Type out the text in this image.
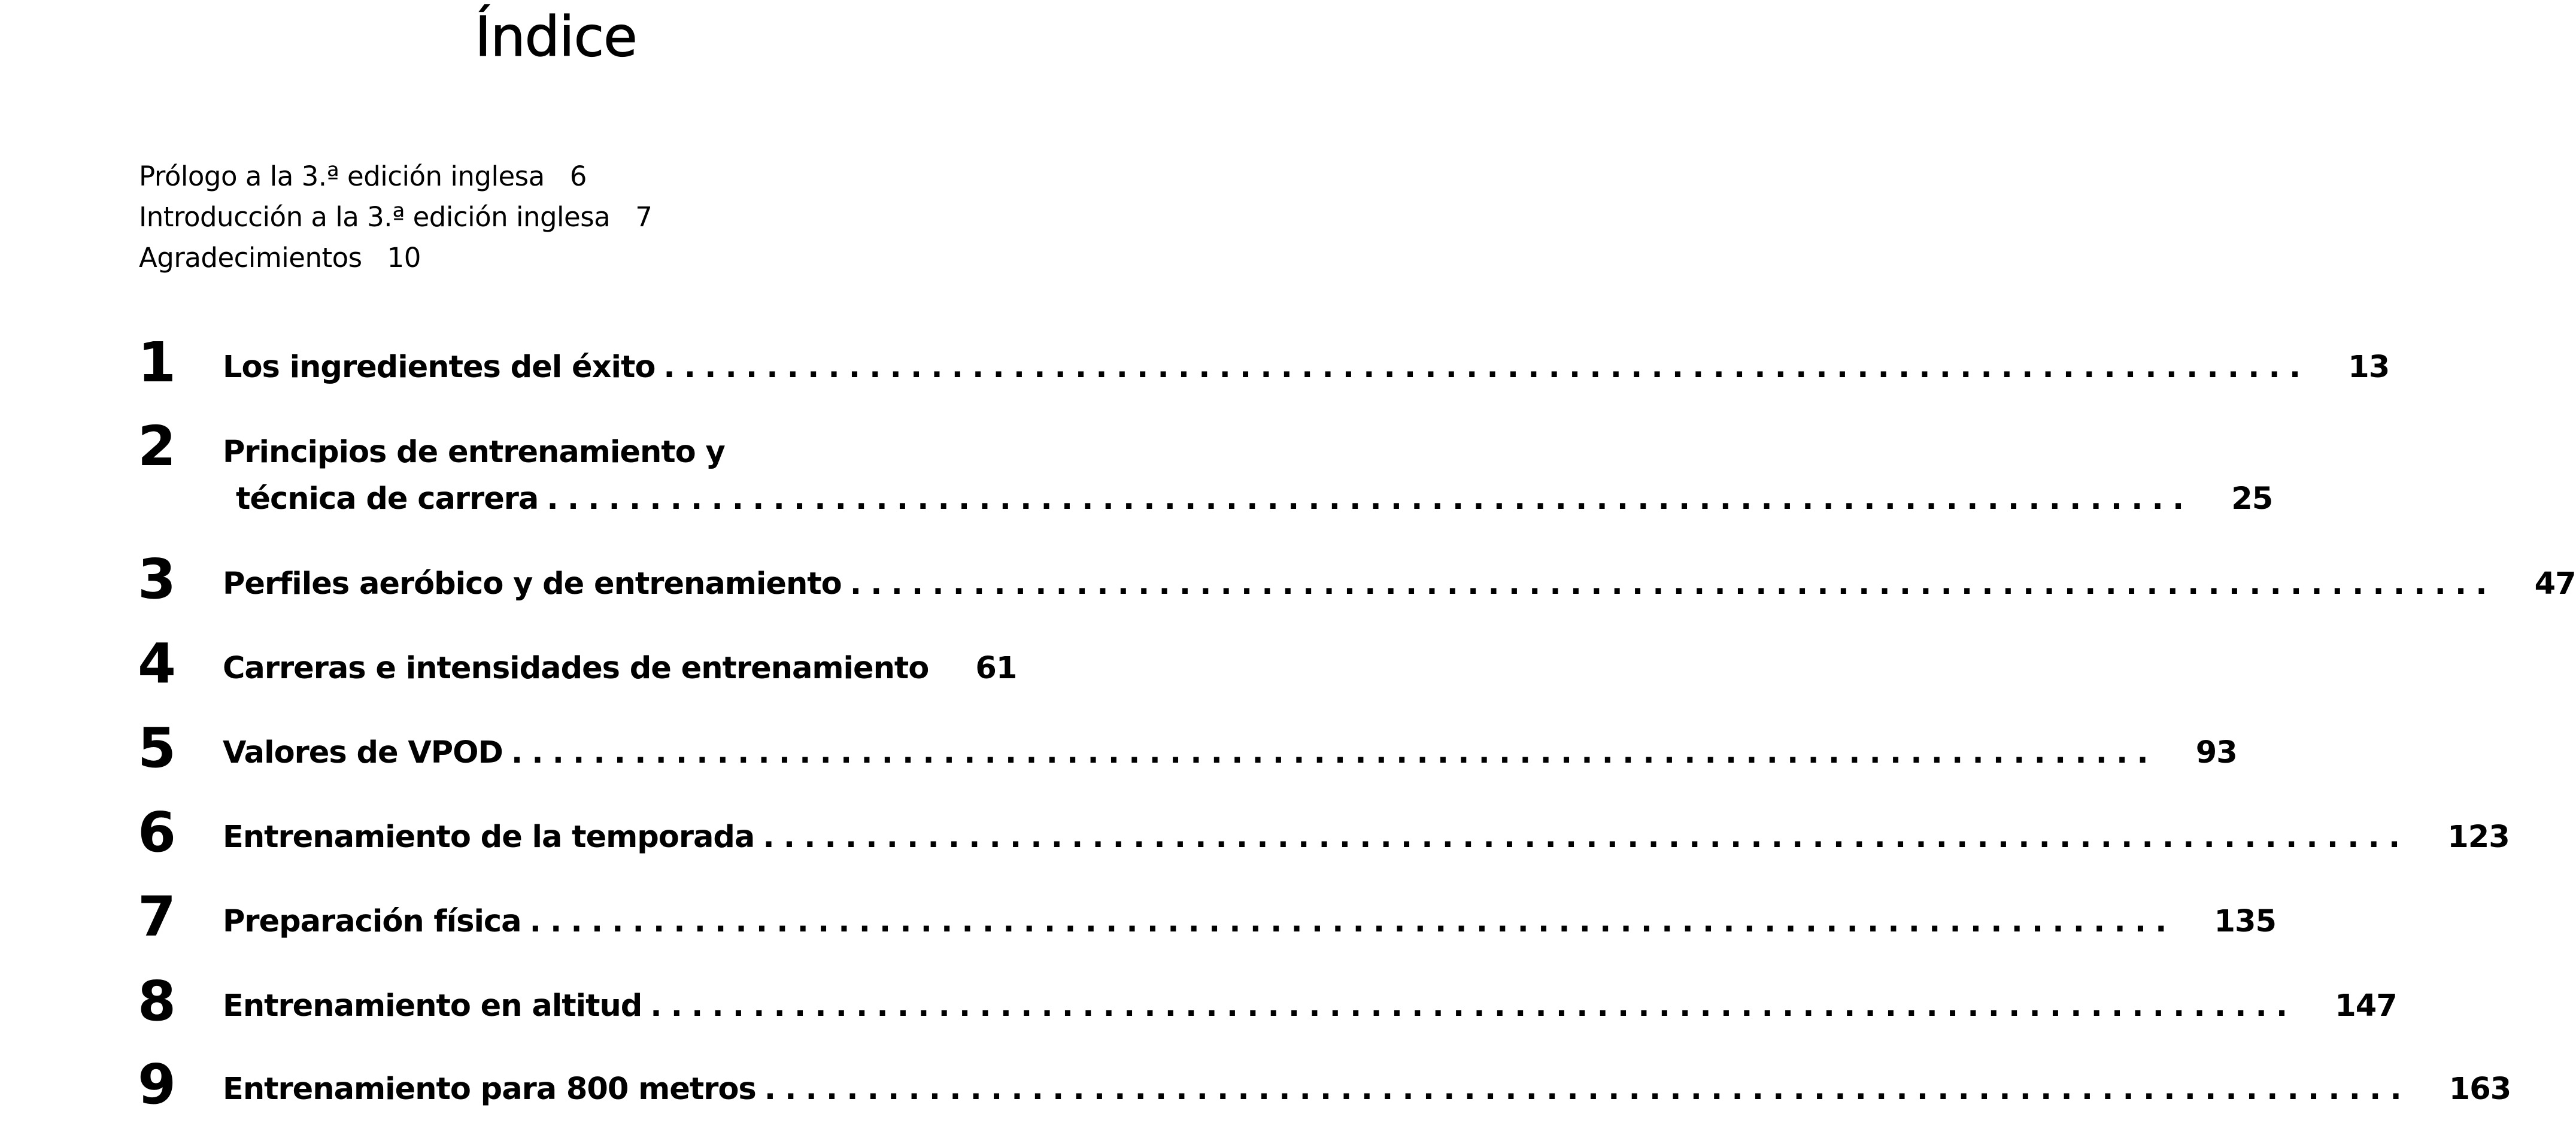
Índice
Prólogo a la 3.ª edición inglesa 6
Introducción a la 3.ª edición inglesa 7
Agradecimientos 10
1 Los ingredientes del éxito ................................................................................ 13
2 Principios de entrenamiento y
técnica de carrera ................................................................................ 25
3 Perfiles aeróbico y de entrenamiento ................................................................................ 47
4 Carreras e intensidades de entrenamiento 61
5 Valores de VPOD ................................................................................ 93
6 Entrenamiento de la temporada ................................................................................ 123
7 Preparación física ................................................................................ 135
8 Entrenamiento en altitud ................................................................................ 147
9 Entrenamiento para 800 metros ................................................................................ 163
